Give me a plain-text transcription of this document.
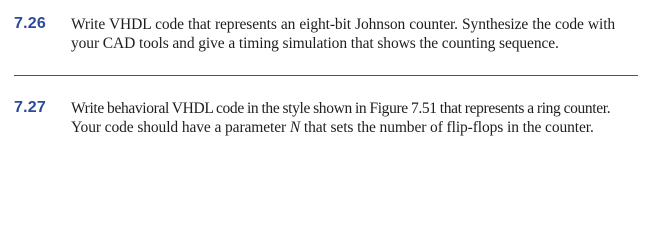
7.26 Write VHDL code that represents an eight-bit Johnson counter. Synthesize the code with
your CAD tools and give a timing simulation that shows the counting sequence.
7.27 Write behavioral VHDL code in the style shown in Figure 7.51 that represents a ring counter.
Your code should have a parameter N that sets the number of flip-flops in the counter.
